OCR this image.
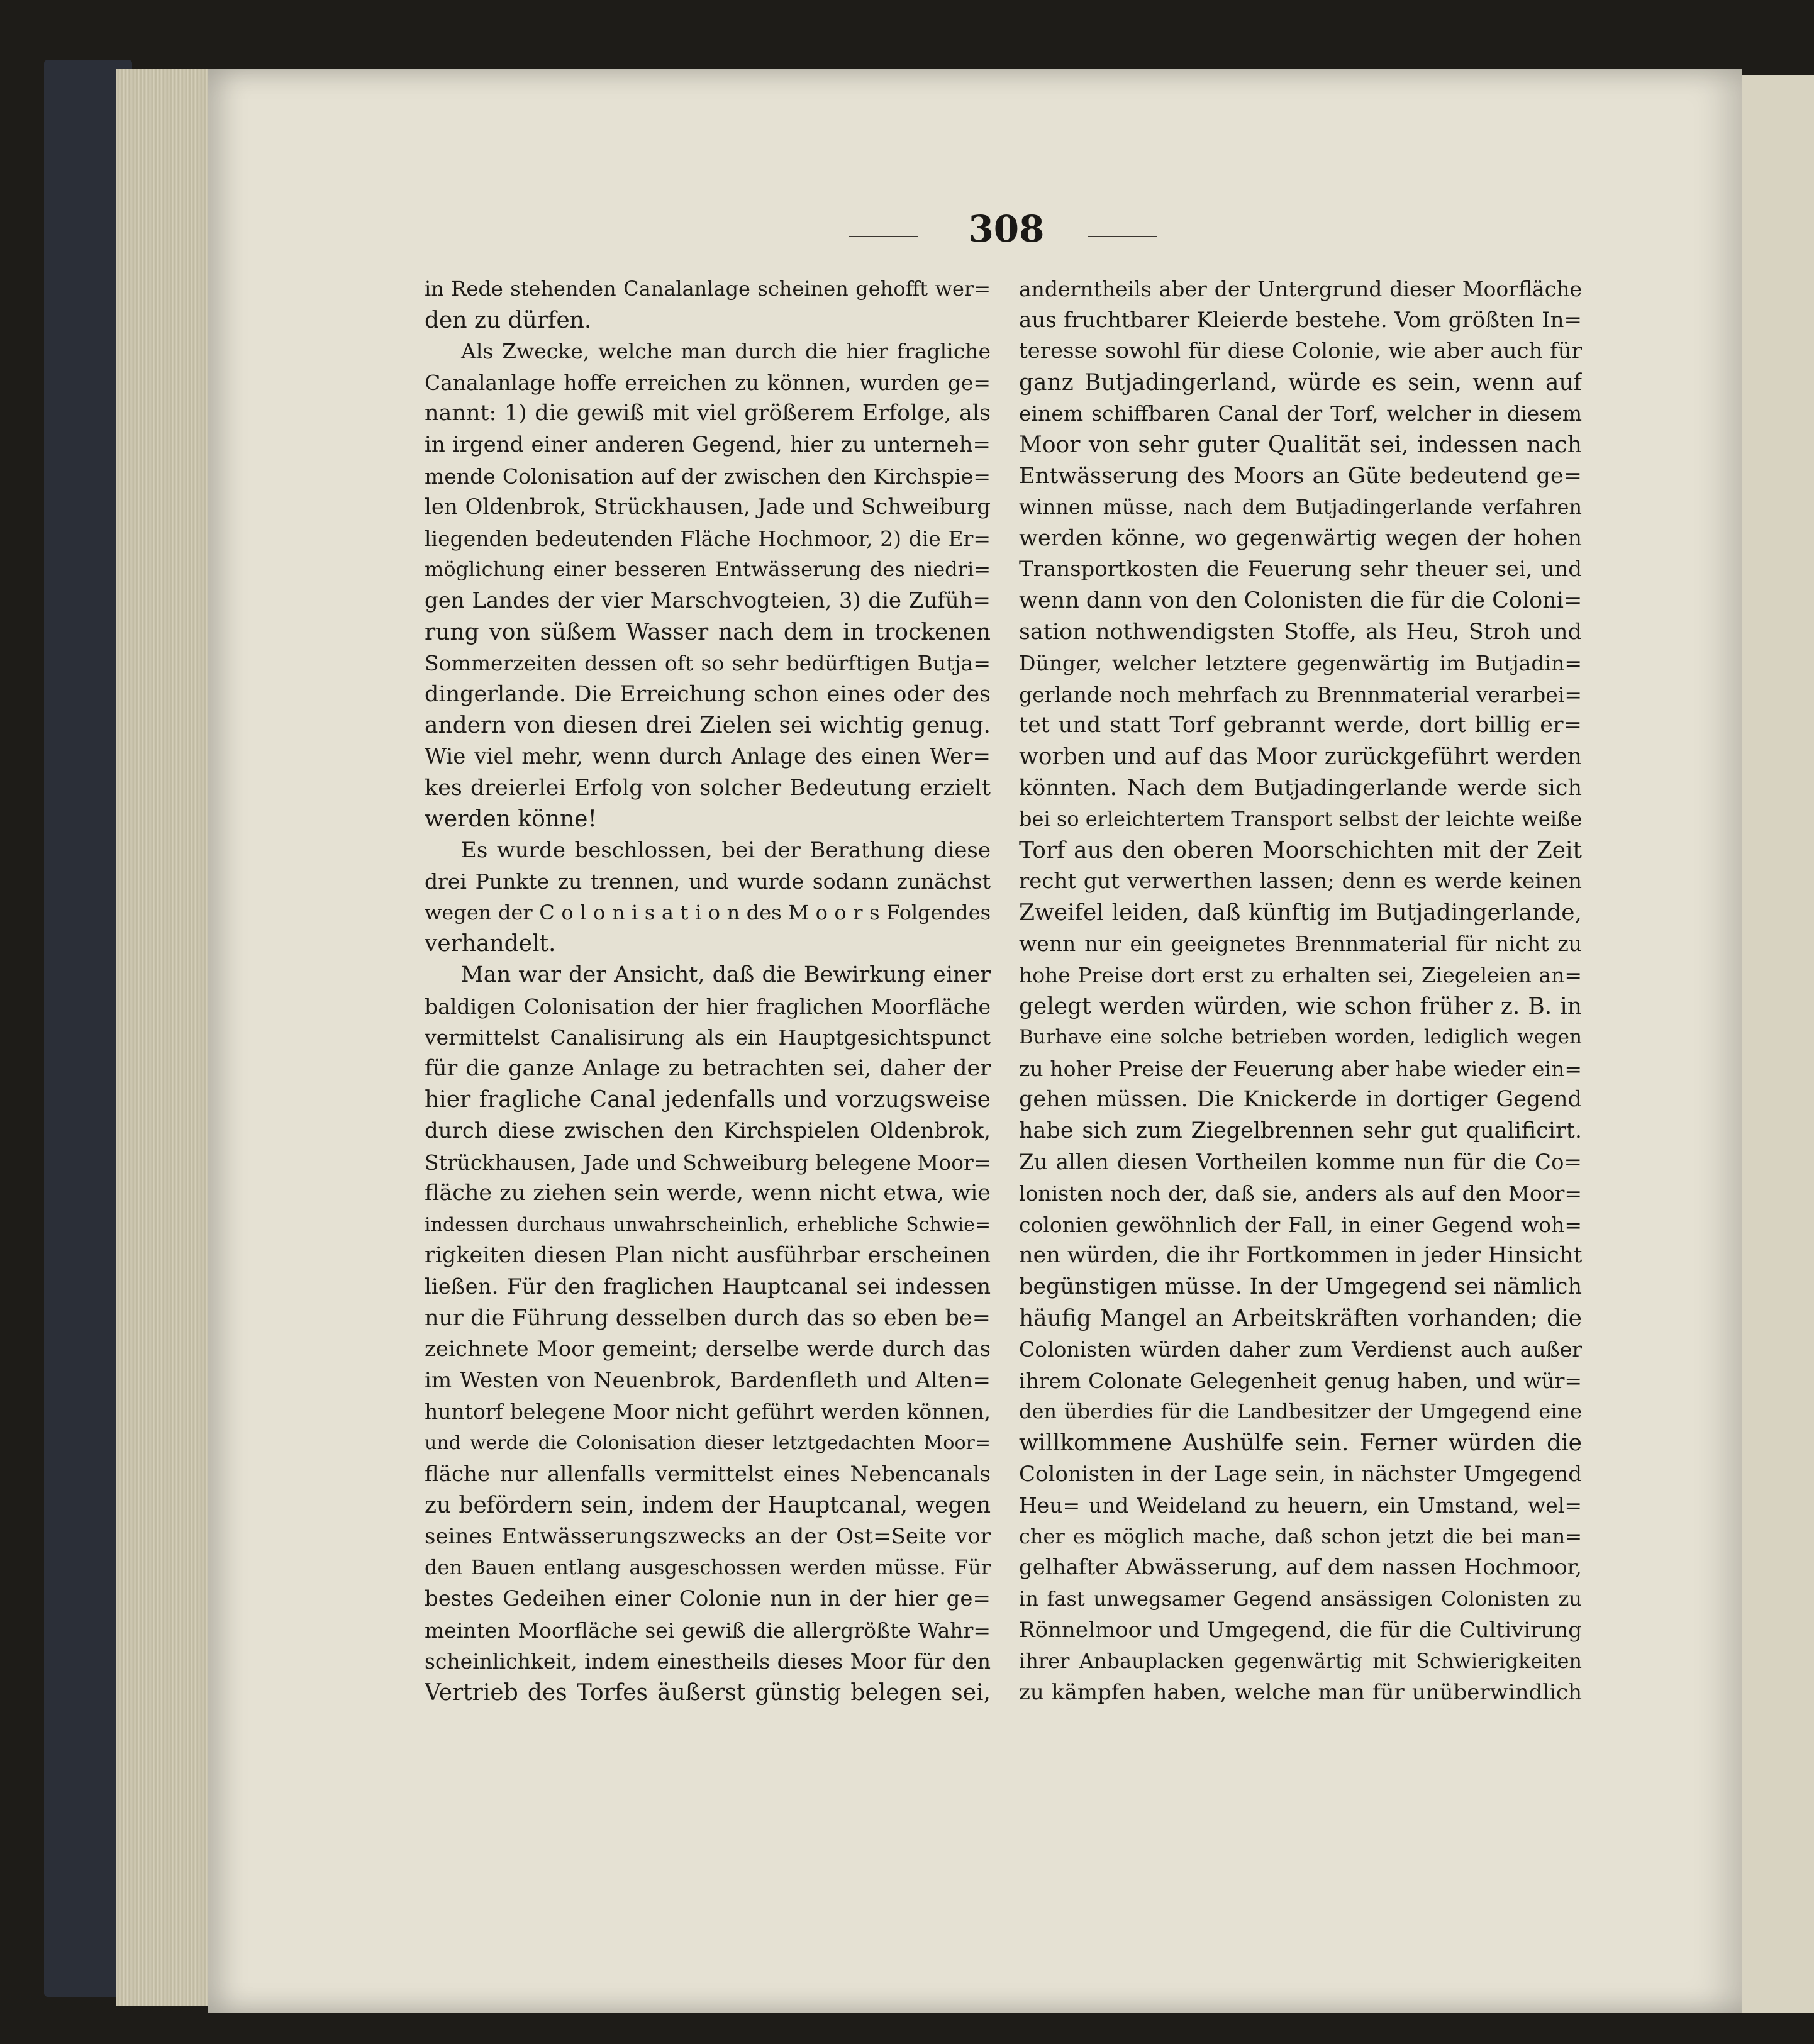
308
in Rede stehenden Canalanlage scheinen gehofft wer=
den zu dürfen.
Als Zwecke, welche man durch die hier fragliche
Canalanlage hoffe erreichen zu können, wurden ge=
nannt: 1) die gewiß mit viel größerem Erfolge, als
in irgend einer anderen Gegend, hier zu unterneh=
mende Colonisation auf der zwischen den Kirchspie=
len Oldenbrok, Strückhausen, Jade und Schweiburg
liegenden bedeutenden Fläche Hochmoor, 2) die Er=
möglichung einer besseren Entwässerung des niedri=
gen Landes der vier Marschvogteien, 3) die Zufüh=
rung von süßem Wasser nach dem in trockenen
Sommerzeiten dessen oft so sehr bedürftigen Butja=
dingerlande. Die Erreichung schon eines oder des
andern von diesen drei Zielen sei wichtig genug.
Wie viel mehr, wenn durch Anlage des einen Wer=
kes dreierlei Erfolg von solcher Bedeutung erzielt
werden könne!
Es wurde beschlossen, bei der Berathung diese
drei Punkte zu trennen, und wurde sodann zunächst
wegen der C o l o n i s a t i o n des M o o r s Folgendes
verhandelt.
Man war der Ansicht, daß die Bewirkung einer
baldigen Colonisation der hier fraglichen Moorfläche
vermittelst Canalisirung als ein Hauptgesichtspunct
für die ganze Anlage zu betrachten sei, daher der
hier fragliche Canal jedenfalls und vorzugsweise
durch diese zwischen den Kirchspielen Oldenbrok,
Strückhausen, Jade und Schweiburg belegene Moor=
fläche zu ziehen sein werde, wenn nicht etwa, wie
indessen durchaus unwahrscheinlich, erhebliche Schwie=
rigkeiten diesen Plan nicht ausführbar erscheinen
ließen. Für den fraglichen Hauptcanal sei indessen
nur die Führung desselben durch das so eben be=
zeichnete Moor gemeint; derselbe werde durch das
im Westen von Neuenbrok, Bardenfleth und Alten=
huntorf belegene Moor nicht geführt werden können,
und werde die Colonisation dieser letztgedachten Moor=
fläche nur allenfalls vermittelst eines Nebencanals
zu befördern sein, indem der Hauptcanal, wegen
seines Entwässerungszwecks an der Ost=Seite vor
den Bauen entlang ausgeschossen werden müsse. Für
bestes Gedeihen einer Colonie nun in der hier ge=
meinten Moorfläche sei gewiß die allergrößte Wahr=
scheinlichkeit, indem einestheils dieses Moor für den
Vertrieb des Torfes äußerst günstig belegen sei,
anderntheils aber der Untergrund dieser Moorfläche
aus fruchtbarer Kleierde bestehe. Vom größten In=
teresse sowohl für diese Colonie, wie aber auch für
ganz Butjadingerland, würde es sein, wenn auf
einem schiffbaren Canal der Torf, welcher in diesem
Moor von sehr guter Qualität sei, indessen nach
Entwässerung des Moors an Güte bedeutend ge=
winnen müsse, nach dem Butjadingerlande verfahren
werden könne, wo gegenwärtig wegen der hohen
Transportkosten die Feuerung sehr theuer sei, und
wenn dann von den Colonisten die für die Coloni=
sation nothwendigsten Stoffe, als Heu, Stroh und
Dünger, welcher letztere gegenwärtig im Butjadin=
gerlande noch mehrfach zu Brennmaterial verarbei=
tet und statt Torf gebrannt werde, dort billig er=
worben und auf das Moor zurückgeführt werden
könnten. Nach dem Butjadingerlande werde sich
bei so erleichtertem Transport selbst der leichte weiße
Torf aus den oberen Moorschichten mit der Zeit
recht gut verwerthen lassen; denn es werde keinen
Zweifel leiden, daß künftig im Butjadingerlande,
wenn nur ein geeignetes Brennmaterial für nicht zu
hohe Preise dort erst zu erhalten sei, Ziegeleien an=
gelegt werden würden, wie schon früher z. B. in
Burhave eine solche betrieben worden, lediglich wegen
zu hoher Preise der Feuerung aber habe wieder ein=
gehen müssen. Die Knickerde in dortiger Gegend
habe sich zum Ziegelbrennen sehr gut qualificirt.
Zu allen diesen Vortheilen komme nun für die Co=
lonisten noch der, daß sie, anders als auf den Moor=
colonien gewöhnlich der Fall, in einer Gegend woh=
nen würden, die ihr Fortkommen in jeder Hinsicht
begünstigen müsse. In der Umgegend sei nämlich
häufig Mangel an Arbeitskräften vorhanden; die
Colonisten würden daher zum Verdienst auch außer
ihrem Colonate Gelegenheit genug haben, und wür=
den überdies für die Landbesitzer der Umgegend eine
willkommene Aushülfe sein. Ferner würden die
Colonisten in der Lage sein, in nächster Umgegend
Heu= und Weideland zu heuern, ein Umstand, wel=
cher es möglich mache, daß schon jetzt die bei man=
gelhafter Abwässerung, auf dem nassen Hochmoor,
in fast unwegsamer Gegend ansässigen Colonisten zu
Rönnelmoor und Umgegend, die für die Cultivirung
ihrer Anbauplacken gegenwärtig mit Schwierigkeiten
zu kämpfen haben, welche man für unüberwindlich
